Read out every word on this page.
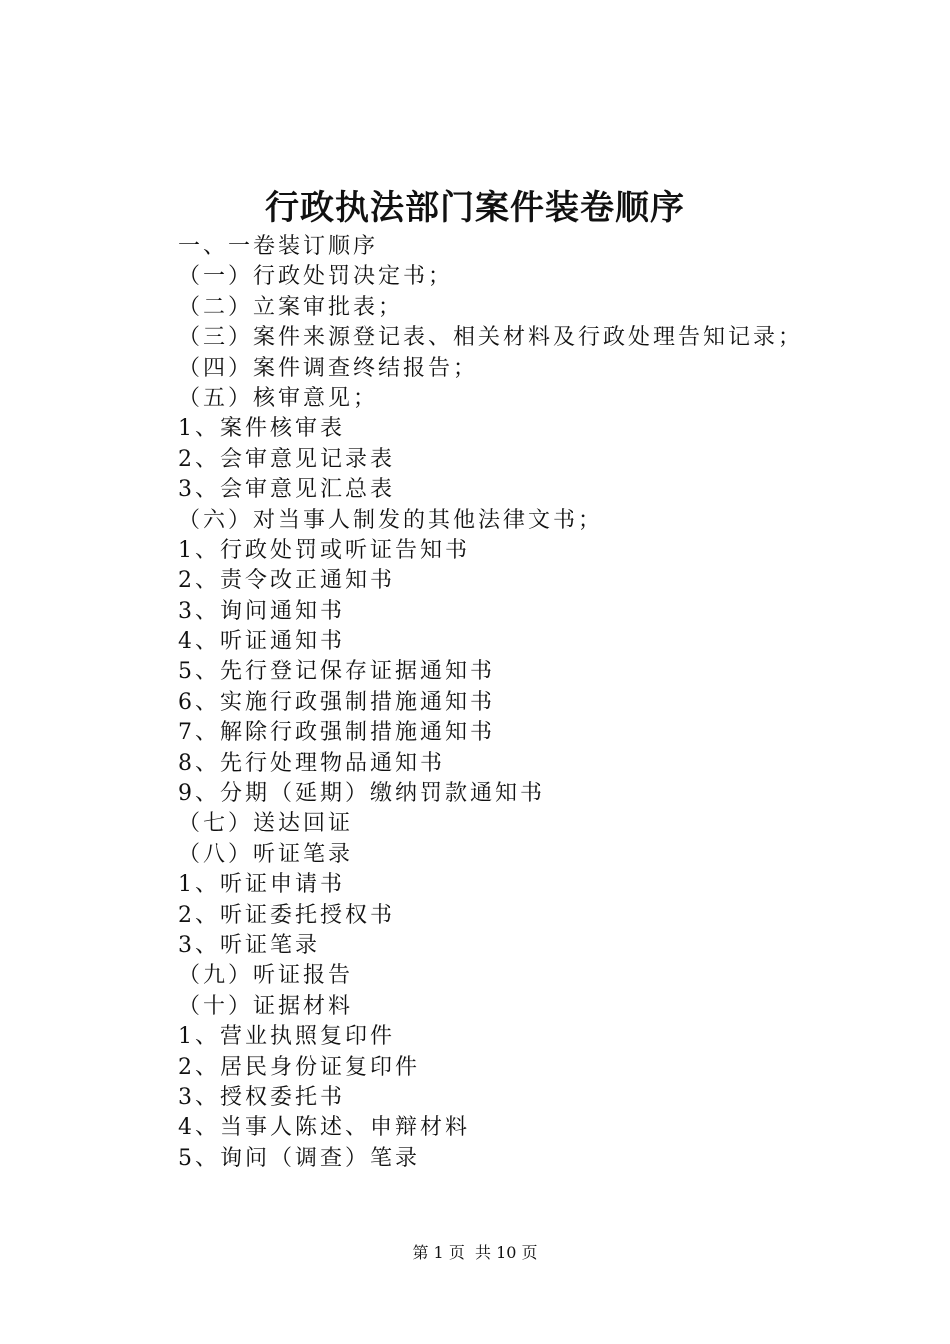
行政执法部门案件装卷顺序
一、一卷装订顺序
（一）行政处罚决定书；
（二）立案审批表；
（三）案件来源登记表、相关材料及行政处理告知记录；
（四）案件调查终结报告；
（五）核审意见；
1、案件核审表
2、会审意见记录表
3、会审意见汇总表
（六）对当事人制发的其他法律文书；
1、行政处罚或听证告知书
2、责令改正通知书
3、询问通知书
4、听证通知书
5、先行登记保存证据通知书
6、实施行政强制措施通知书
7、解除行政强制措施通知书
8、先行处理物品通知书
9、分期（延期）缴纳罚款通知书
（七）送达回证
（八）听证笔录
1、听证申请书
2、听证委托授权书
3、听证笔录
（九）听证报告
（十）证据材料
1、营业执照复印件
2、居民身份证复印件
3、授权委托书
4、当事人陈述、申辩材料
5、询问（调查）笔录
第 1 页  共 10 页
